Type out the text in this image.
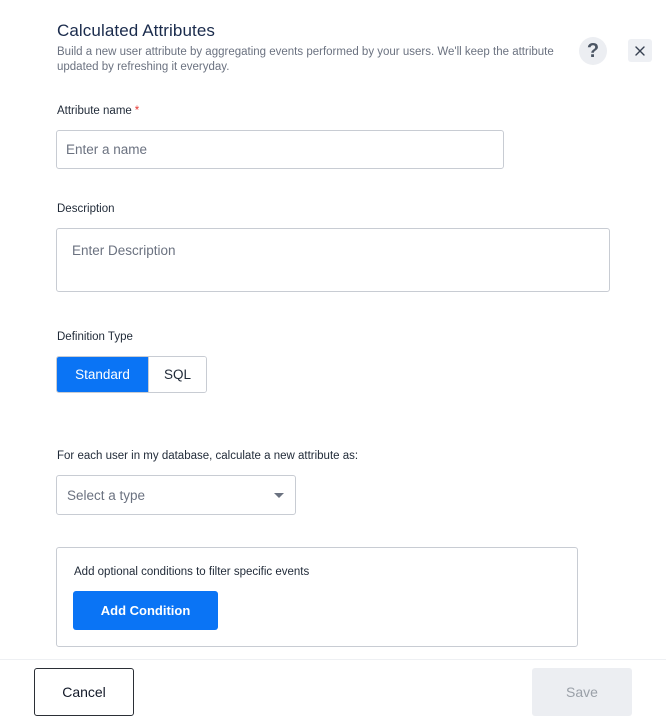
Calculated Attributes
Build a new user attribute by aggregating events performed by your users. We'll keep the attribute updated by refreshing it everyday.
?
Attribute name *
Enter a name
Description
Enter Description
Definition Type
Standard	SQL
For each user in my database, calculate a new attribute as:
Select a type
Add optional conditions to filter specific events
Add Condition
Cancel	Save
